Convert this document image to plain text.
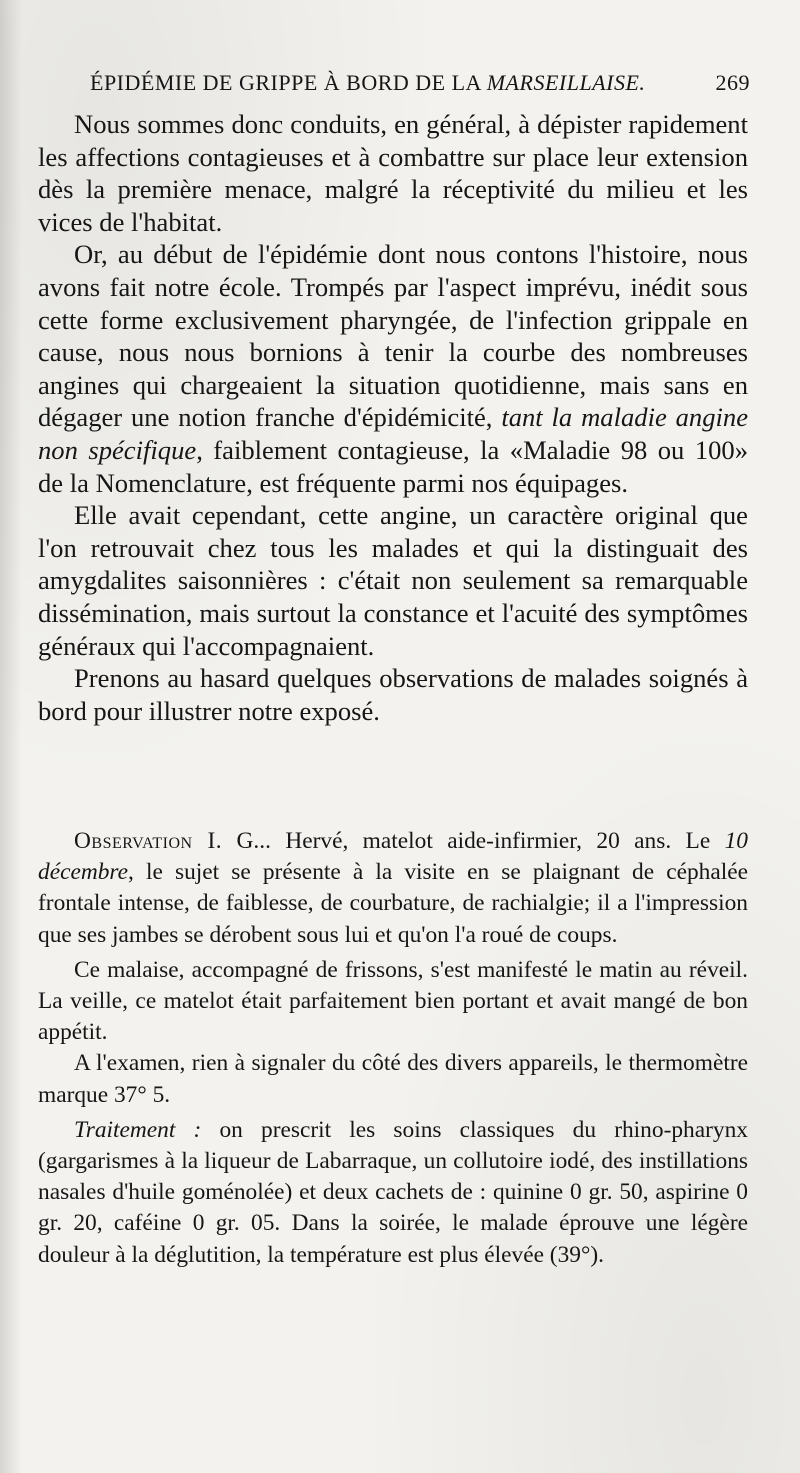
ÉPIDÉMIE DE GRIPPE À BORD DE LA MARSEILLAISE.	269

Nous sommes donc conduits, en général, à dépister rapidement les affections contagieuses et à combattre sur place leur extension dès la première menace, malgré la réceptivité du milieu et les vices de l'habitat.

Or, au début de l'épidémie dont nous contons l'histoire, nous avons fait notre école. Trompés par l'aspect imprévu, inédit sous cette forme exclusivement pharyngée, de l'infection grippale en cause, nous nous bornions à tenir la courbe des nombreuses angines qui chargeaient la situation quotidienne, mais sans en dégager une notion franche d'épidémicité, tant la maladie angine non spécifique, faiblement contagieuse, la «Maladie 98 ou 100» de la Nomenclature, est fréquente parmi nos équipages.

Elle avait cependant, cette angine, un caractère original que l'on retrouvait chez tous les malades et qui la distinguait des amygdalites saisonnières : c'était non seulement sa remarquable dissémination, mais surtout la constance et l'acuité des symptômes généraux qui l'accompagnaient.

Prenons au hasard quelques observations de malades soignés à bord pour illustrer notre exposé.

Observation I. G... Hervé, matelot aide-infirmier, 20 ans. Le 10 décembre, le sujet se présente à la visite en se plaignant de céphalée frontale intense, de faiblesse, de courbature, de rachialgie; il a l'impression que ses jambes se dérobent sous lui et qu'on l'a roué de coups.

Ce malaise, accompagné de frissons, s'est manifesté le matin au réveil. La veille, ce matelot était parfaitement bien portant et avait mangé de bon appétit.

A l'examen, rien à signaler du côté des divers appareils, le thermomètre marque 37° 5.

Traitement : on prescrit les soins classiques du rhino-pharynx (gargarismes à la liqueur de Labarraque, un collutoire iodé, des instillations nasales d'huile goménolée) et deux cachets de : quinine 0 gr. 50, aspirine 0 gr. 20, caféine 0 gr. 05. Dans la soirée, le malade éprouve une légère douleur à la déglutition, la température est plus élevée (39°).
